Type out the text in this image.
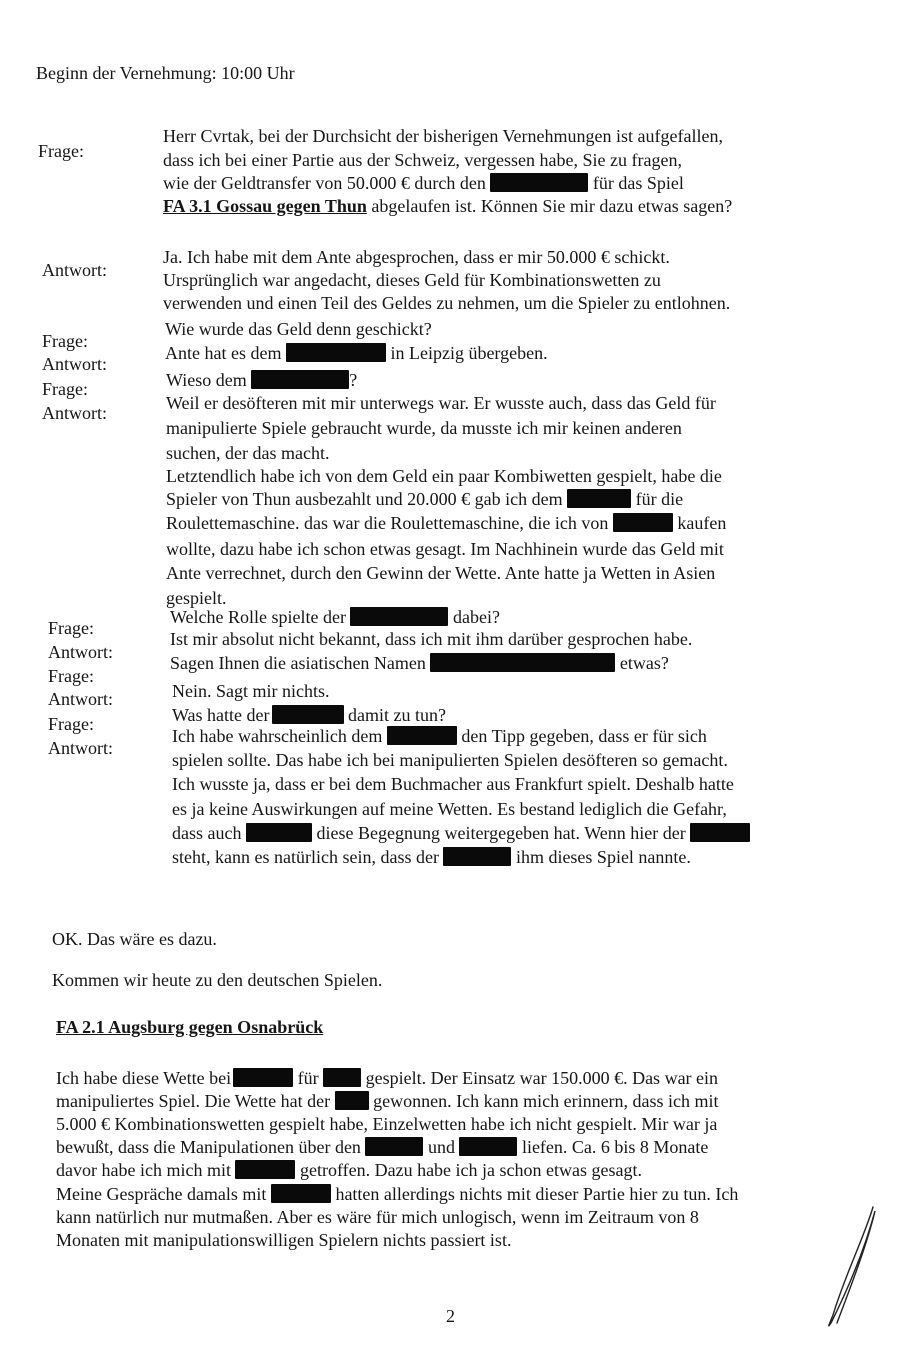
Beginn der Vernehmung: 10:00 Uhr
Frage:
Herr Cvrtak, bei der Durchsicht der bisherigen Vernehmungen ist aufgefallen,
dass ich bei einer Partie aus der Schweiz, vergessen habe, Sie zu fragen,
wie der Geldtransfer von 50.000 € durch den	für das Spiel
FA 3.1 Gossau gegen Thun abgelaufen ist. Können Sie mir dazu etwas sagen?
Antwort:
Ja. Ich habe mit dem Ante abgesprochen, dass er mir 50.000 € schickt.
Ursprünglich war angedacht, dieses Geld für Kombinationswetten zu
verwenden und einen Teil des Geldes zu nehmen, um die Spieler zu entlohnen.
Frage:
Wie wurde das Geld denn geschickt?
Antwort:
Ante hat es dem	in Leipzig übergeben.
Frage:	Wieso dem	?
Antwort:	Weil er desöfteren mit mir unterwegs war. Er wusste auch, dass das Geld für
manipulierte Spiele gebraucht wurde, da musste ich mir keinen anderen
suchen, der das macht.
Letztendlich habe ich von dem Geld ein paar Kombiwetten gespielt, habe die
Spieler von Thun ausbezahlt und 20.000 € gab ich dem	für die
Roulettemaschine. das war die Roulettemaschine, die ich von	kaufen
wollte, dazu habe ich schon etwas gesagt. Im Nachhinein wurde das Geld mit
Ante verrechnet, durch den Gewinn der Wette. Ante hatte ja Wetten in Asien
gespielt.
Frage:
Welche Rolle spielte der	dabei?
Antwort:
Ist mir absolut nicht bekannt, dass ich mit ihm darüber gesprochen habe.
Frage:
Sagen Ihnen die asiatischen Namen	etwas?
Antwort:	Nein. Sagt mir nichts.
Frage:	Was hatte der	damit zu tun?
Antwort:
Ich habe wahrscheinlich dem	den Tipp gegeben, dass er für sich
spielen sollte. Das habe ich bei manipulierten Spielen desöfteren so gemacht.
Ich wusste ja, dass er bei dem Buchmacher aus Frankfurt spielt. Deshalb hatte
es ja keine Auswirkungen auf meine Wetten. Es bestand lediglich die Gefahr,
dass auch	diese Begegnung weitergegeben hat. Wenn hier der
steht, kann es natürlich sein, dass der	ihm dieses Spiel nannte.
OK. Das wäre es dazu.
Kommen wir heute zu den deutschen Spielen.
FA 2.1 Augsburg gegen Osnabrück
Ich habe diese Wette bei	für	gespielt. Der Einsatz war 150.000 €. Das war ein
manipuliertes Spiel. Die Wette hat der gewonnen. Ich kann mich erinnern, dass ich mit
5.000 € Kombinationswetten gespielt habe, Einzelwetten habe ich nicht gespielt. Mir war ja
bewußt, dass die Manipulationen über den	und	liefen. Ca. 6 bis 8 Monate
davor habe ich mich mit	getroffen. Dazu habe ich ja schon etwas gesagt.
Meine Gespräche damals mit	hatten allerdings nichts mit dieser Partie hier zu tun. Ich
kann natürlich nur mutmaßen. Aber es wäre für mich unlogisch, wenn im Zeitraum von 8
Monaten mit manipulationswilligen Spielern nichts passiert ist.
2
